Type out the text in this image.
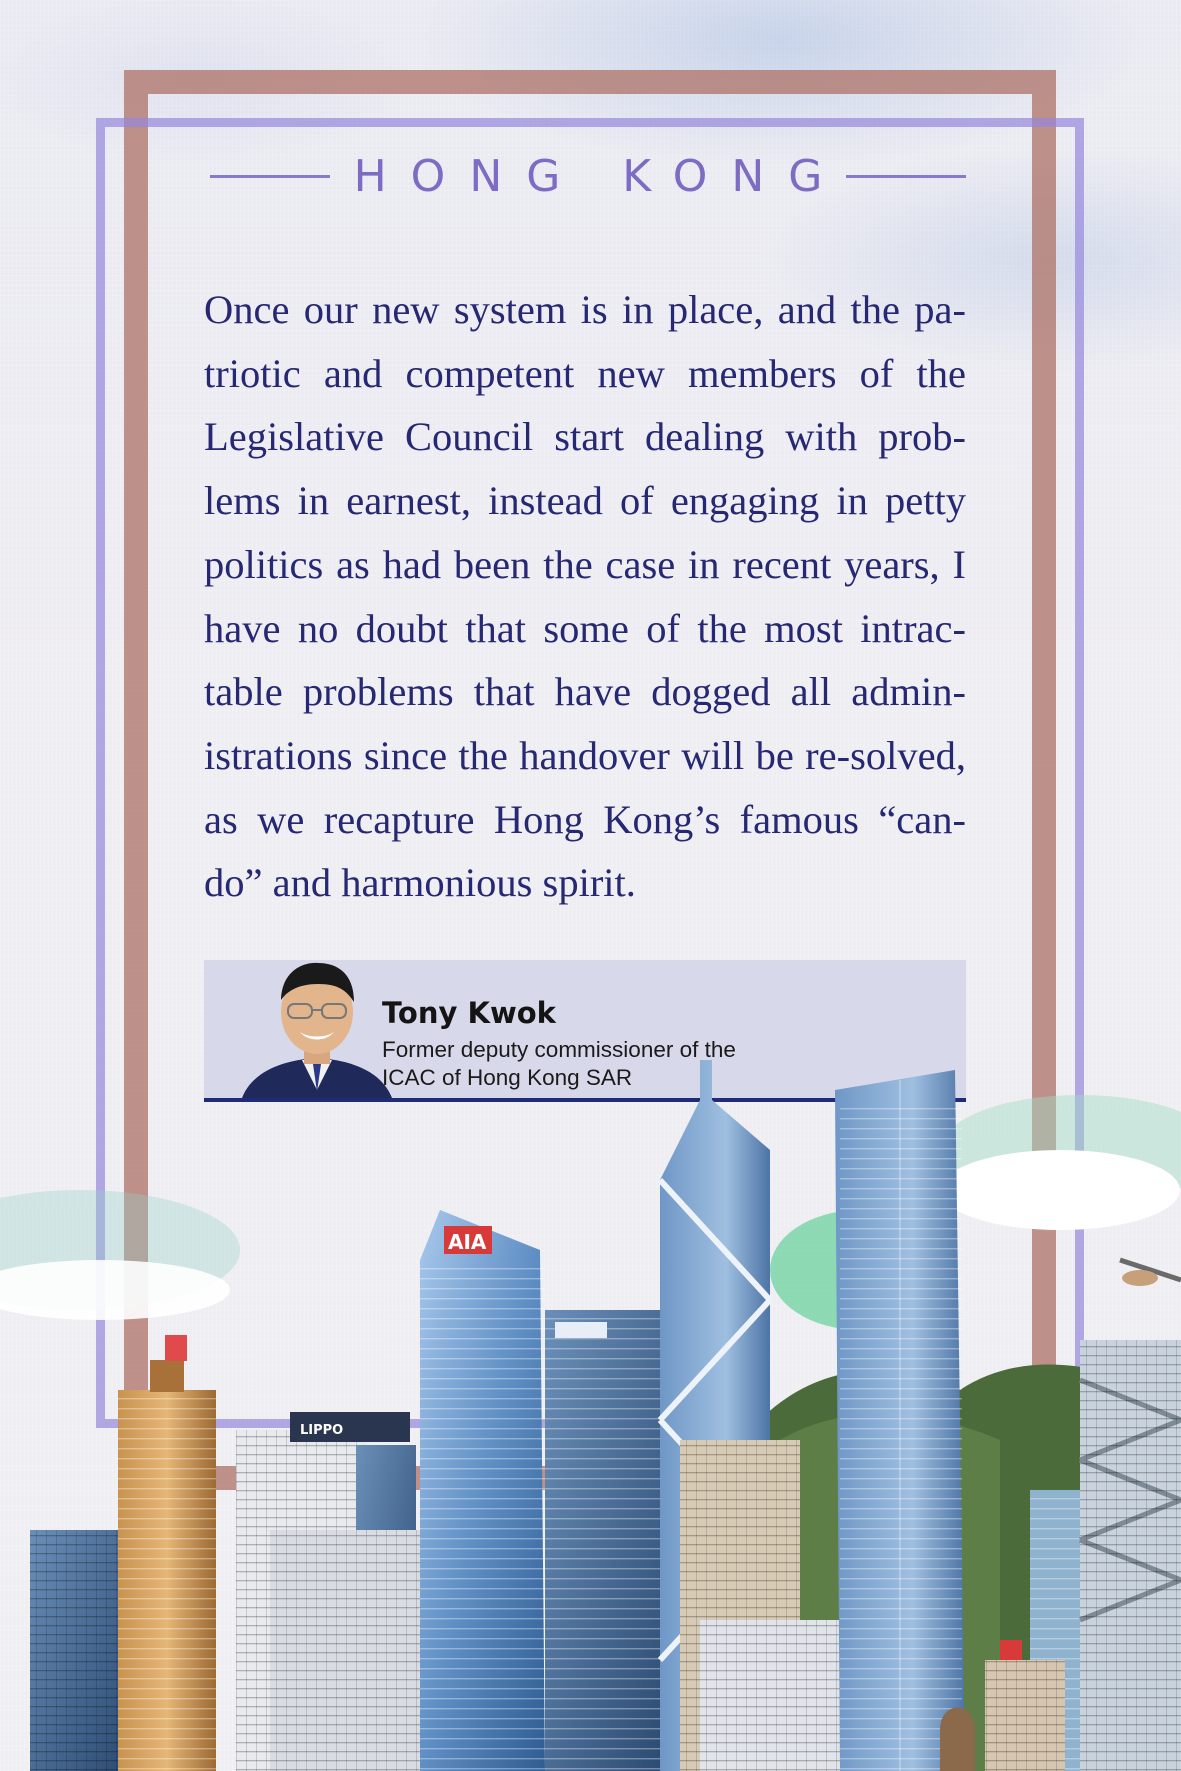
HONG KONG

Once our new system is in place, and the pa-triotic and competent new members of the Legislative Council start dealing with prob-lems in earnest, instead of engaging in petty politics as had been the case in recent years, I have no doubt that some of the most intrac-table problems that have dogged all admin-istrations since the handover will be re-solved, as we recapture Hong Kong’s famous “can-do” and harmonious spirit.

Tony Kwok
Former deputy commissioner of the ICAC of Hong Kong SAR
LIPPO
AIA
